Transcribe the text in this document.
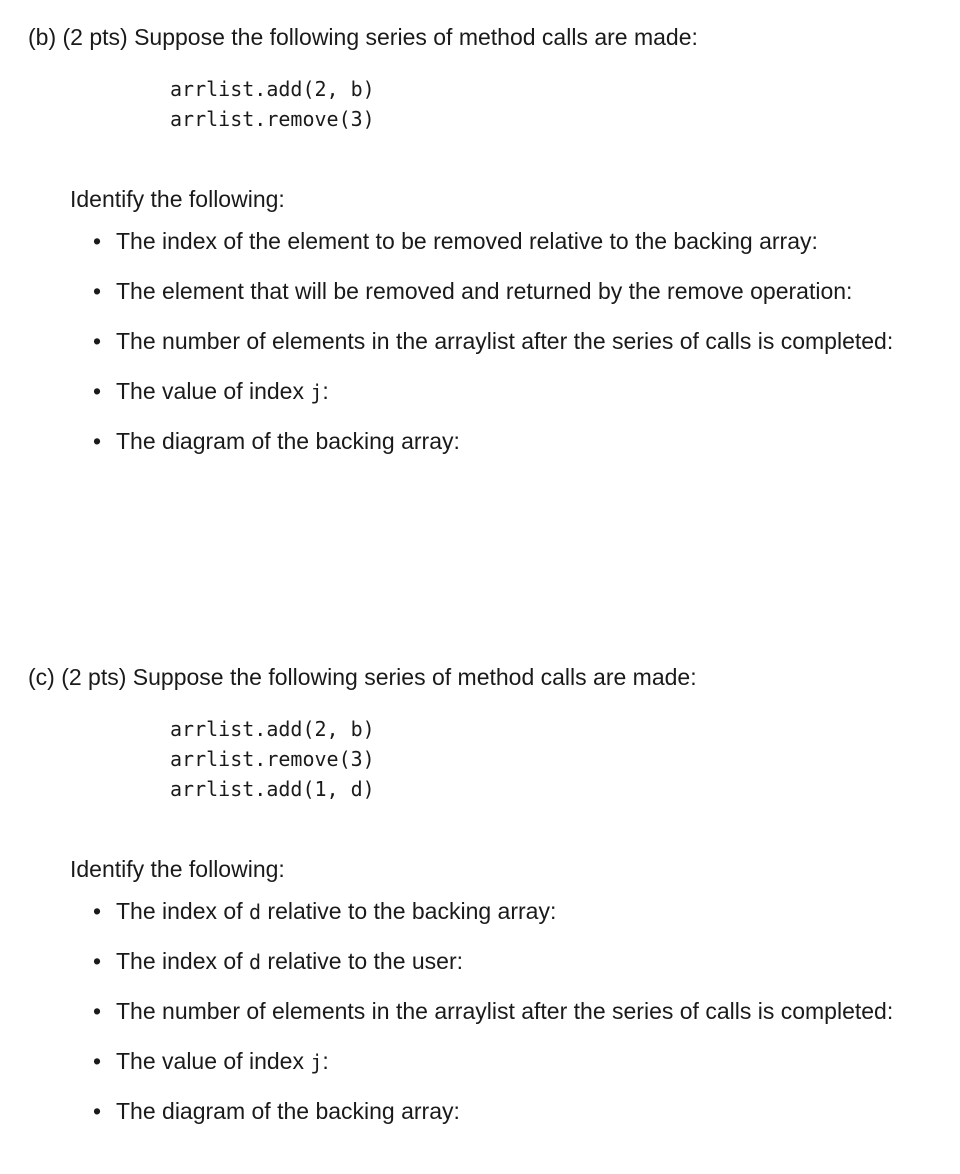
(b) (2 pts) Suppose the following series of method calls are made:
arrlist.add(2, b)
arrlist.remove(3)
Identify the following:
• The index of the element to be removed relative to the backing array:
• The element that will be removed and returned by the remove operation:
• The number of elements in the arraylist after the series of calls is completed:
• The value of index j:
• The diagram of the backing array:
(c) (2 pts) Suppose the following series of method calls are made:
arrlist.add(2, b)
arrlist.remove(3)
arrlist.add(1, d)
Identify the following:
• The index of d relative to the backing array:
• The index of d relative to the user:
• The number of elements in the arraylist after the series of calls is completed:
• The value of index j:
• The diagram of the backing array:
